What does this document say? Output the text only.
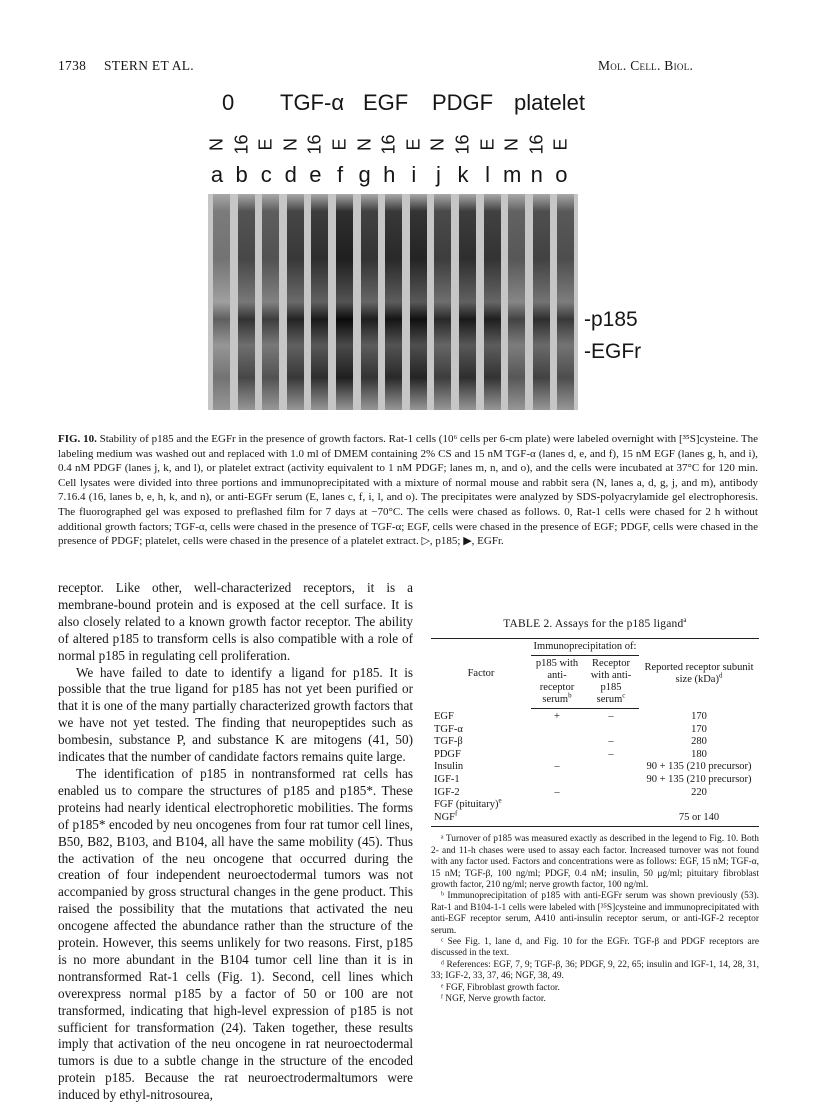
1738 STERN ET AL.	Mol. Cell. Biol.
0 TGF-α EGF PDGF platelet
N 16 E N 16 E N 16 E N 16 E N 16 E
a b c d e f g h i j k l m n o
-p185
-EGFr
FIG. 10. Stability of p185 and the EGFr in the presence of growth factors. Rat-1 cells (10⁶ cells per 6-cm plate) were labeled overnight with [³⁵S]cysteine. The labeling medium was washed out and replaced with 1.0 ml of DMEM containing 2% CS and 15 nM TGF-α (lanes d, e, and f), 15 nM EGF (lanes g, h, and i), 0.4 nM PDGF (lanes j, k, and l), or platelet extract (activity equivalent to 1 nM PDGF; lanes m, n, and o), and the cells were incubated at 37°C for 120 min. Cell lysates were divided into three portions and immunoprecipitated with a mixture of normal mouse and rabbit sera (N, lanes a, d, g, j, and m), antibody 7.16.4 (16, lanes b, e, h, k, and n), or anti-EGFr serum (E, lanes c, f, i, l, and o). The precipitates were analyzed by SDS-polyacrylamide gel electrophoresis. The fluorographed gel was exposed to preflashed film for 7 days at −70°C. The cells were chased as follows. 0, Rat-1 cells were chased for 2 h without additional growth factors; TGF-α, cells were chased in the presence of TGF-α; EGF, cells were chased in the presence of EGF; PDGF, cells were chased in the presence of PDGF; platelet, cells were chased in the presence of a platelet extract. ▷, p185; ▶, EGFr.

receptor. Like other, well-characterized receptors, it is a membrane-bound protein and is exposed at the cell surface. It is also closely related to a known growth factor receptor. The ability of altered p185 to transform cells is also compatible with a role of normal p185 in regulating cell proliferation.

We have failed to date to identify a ligand for p185. It is possible that the true ligand for p185 has not yet been purified or that it is one of the many partially characterized growth factors that we have not yet tested. The finding that neuropeptides such as bombesin, substance P, and substance K are mitogens (41, 50) indicates that the number of candidate factors remains quite large.

The identification of p185 in nontransformed rat cells has enabled us to compare the structures of p185 and p185*. These proteins had nearly identical electrophoretic mobilities. The forms of p185* encoded by neu oncogenes from four rat tumor cell lines, B50, B82, B103, and B104, all have the same mobility (45). Thus the activation of the neu oncogene that occurred during the creation of four independent neuroectodermal tumors was not accompanied by gross structural changes in the gene product. This raised the possibility that the mutations that activated the neu oncogene affected the abundance rather than the structure of the protein. However, this seems unlikely for two reasons. First, p185 is no more abundant in the B104 tumor cell line than it is in nontransformed Rat-1 cells (Fig. 1). Second, cell lines which overexpress normal p185 by a factor of 50 or 100 are not transformed, indicating that high-level expression of p185 is not sufficient for transformation (24). Taken together, these results imply that activation of the neu oncogene in rat neuroectodermal tumors is due to a subtle change in the structure of the encoded protein p185. Because the rat neuroectrodermaltumors were induced by ethyl-nitrosourea,

TABLE 2. Assays for the p185 ligand$^a$
Factor	Immunoprecipitation of:		Reported receptor subunit size (kDa)$^d$
	p185 with anti-receptor serum$^b$	Receptor with anti-p185 serum$^c$
EGF	+	–	170
TGF-α			170
TGF-β		–	280
PDGF		–	180
Insulin	–		90 + 135 (210 precursor)
IGF-1			90 + 135 (210 precursor)
IGF-2	–		220
FGF (pituitary)$^e$			
NGF$^f$			75 or 140
ᵃ Turnover of p185 was measured exactly as described in the legend to Fig. 10. Both 2- and 11-h chases were used to assay each factor. Increased turnover was not found with any factor used. Factors and concentrations were as follows: EGF, 15 nM; TGF-α, 15 nM; TGF-β, 100 ng/ml; PDGF, 0.4 nM; insulin, 50 μg/ml; pituitary fibroblast growth factor, 210 ng/ml; nerve growth factor, 100 ng/ml.
ᵇ Immunoprecipitation of p185 with anti-EGFr serum was shown previously (53). Rat-1 and B104-1-1 cells were labeled with [³⁵S]cysteine and immunoprecipitated with anti-EGF receptor serum, A410 anti-insulin receptor serum, or anti-IGF-2 receptor serum.
ᶜ See Fig. 1, lane d, and Fig. 10 for the EGFr. TGF-β and PDGF receptors are discussed in the text.
ᵈ References: EGF, 7, 9; TGF-β, 36; PDGF, 9, 22, 65; insulin and IGF-1, 14, 28, 31, 33; IGF-2, 33, 37, 46; NGF, 38, 49.
ᵉ FGF, Fibroblast growth factor.
ᶠ NGF, Nerve growth factor.
